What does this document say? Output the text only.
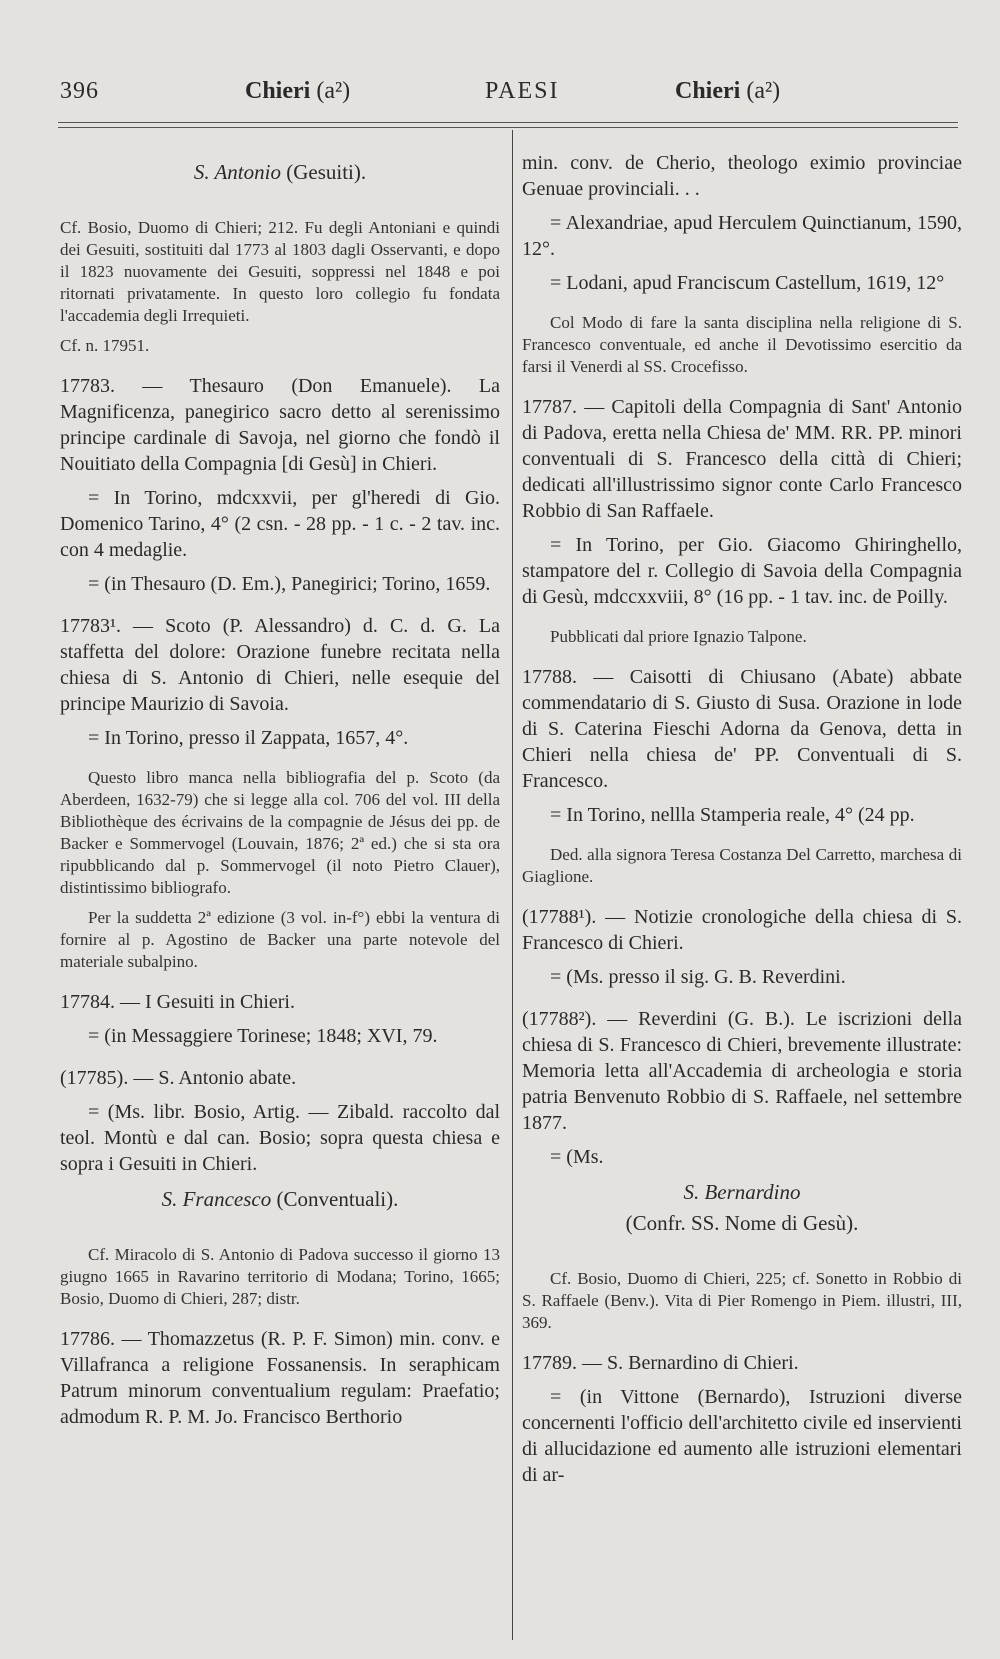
396	Chieri (a²)	PAESI	Chieri (a²)
S. Antonio (Gesuiti).

Cf. Bosio, Duomo di Chieri; 212. Fu degli Antoniani e quindi dei Gesuiti, sostituiti dal 1773 al 1803 dagli Osservanti, e dopo il 1823 nuovamente dei Gesuiti, soppressi nel 1848 e poi ritornati privatamente. In questo loro collegio fu fondata l'accademia degli Irrequieti.

Cf. n. 17951.

17783. — Thesauro (Don Emanuele). La Magnificenza, panegirico sacro detto al serenissimo principe cardinale di Savoja, nel giorno che fondò il Nouitiato della Compagnia [di Gesù] in Chieri.

= In Torino, mdcxxvii, per gl'heredi di Gio. Domenico Tarino, 4° (2 csn. - 28 pp. - 1 c. - 2 tav. inc. con 4 medaglie.

= (in Thesauro (D. Em.), Panegirici; Torino, 1659.

17783¹. — Scoto (P. Alessandro) d. C. d. G. La staffetta del dolore: Orazione funebre recitata nella chiesa di S. Antonio di Chieri, nelle esequie del principe Maurizio di Savoia.

= In Torino, presso il Zappata, 1657, 4°.

Questo libro manca nella bibliografia del p. Scoto (da Aberdeen, 1632-79) che si legge alla col. 706 del vol. III della Bibliothèque des écrivains de la compagnie de Jésus dei pp. de Backer e Sommervogel (Louvain, 1876; 2ª ed.) che si sta ora ripubblicando dal p. Sommervogel (il noto Pietro Clauer), distintissimo bibliografo.

Per la suddetta 2ª edizione (3 vol. in-f°) ebbi la ventura di fornire al p. Agostino de Backer una parte notevole del materiale subalpino.

17784. — I Gesuiti in Chieri.

= (in Messaggiere Torinese; 1848; XVI, 79.

(17785). — S. Antonio abate.

= (Ms. libr. Bosio, Artig. — Zibald. raccolto dal teol. Montù e dal can. Bosio; sopra questa chiesa e sopra i Gesuiti in Chieri.

S. Francesco (Conventuali).

Cf. Miracolo di S. Antonio di Padova successo il giorno 13 giugno 1665 in Ravarino territorio di Modana; Torino, 1665; Bosio, Duomo di Chieri, 287; distr.

17786. — Thomazzetus (R. P. F. Simon) min. conv. e Villafranca a religione Fossanensis. In seraphicam Patrum minorum conventualium regulam: Praefatio; admodum R. P. M. Jo. Francisco Berthorio

min. conv. de Cherio, theologo eximio provinciae Genuae provinciali. . .

= Alexandriae, apud Herculem Quinctianum, 1590, 12°.

= Lodani, apud Franciscum Castellum, 1619, 12°

Col Modo di fare la santa disciplina nella religione di S. Francesco conventuale, ed anche il Devotissimo esercitio da farsi il Venerdi al SS. Crocefisso.

17787. — Capitoli della Compagnia di Sant' Antonio di Padova, eretta nella Chiesa de' MM. RR. PP. minori conventuali di S. Francesco della città di Chieri; dedicati all'illustrissimo signor conte Carlo Francesco Robbio di San Raffaele.

= In Torino, per Gio. Giacomo Ghiringhello, stampatore del r. Collegio di Savoia della Compagnia di Gesù, mdccxxviii, 8° (16 pp. - 1 tav. inc. de Poilly.

Pubblicati dal priore Ignazio Talpone.

17788. — Caisotti di Chiusano (Abate) abbate commendatario di S. Giusto di Susa. Orazione in lode di S. Caterina Fieschi Adorna da Genova, detta in Chieri nella chiesa de' PP. Conventuali di S. Francesco.

= In Torino, nellla Stamperia reale, 4° (24 pp.

Ded. alla signora Teresa Costanza Del Carretto, marchesa di Giaglione.

(17788¹). — Notizie cronologiche della chiesa di S. Francesco di Chieri.

= (Ms. presso il sig. G. B. Reverdini.

(17788²). — Reverdini (G. B.). Le iscrizioni della chiesa di S. Francesco di Chieri, brevemente illustrate: Memoria letta all'Accademia di archeologia e storia patria Benvenuto Robbio di S. Raffaele, nel settembre 1877.

= (Ms.

S. Bernardino
(Confr. SS. Nome di Gesù).

Cf. Bosio, Duomo di Chieri, 225; cf. Sonetto in Robbio di S. Raffaele (Benv.). Vita di Pier Romengo in Piem. illustri, III, 369.

17789. — S. Bernardino di Chieri.

= (in Vittone (Bernardo), Istruzioni diverse concernenti l'officio dell'architetto civile ed inservienti di allucidazione ed aumento alle istruzioni elementari di ar-
